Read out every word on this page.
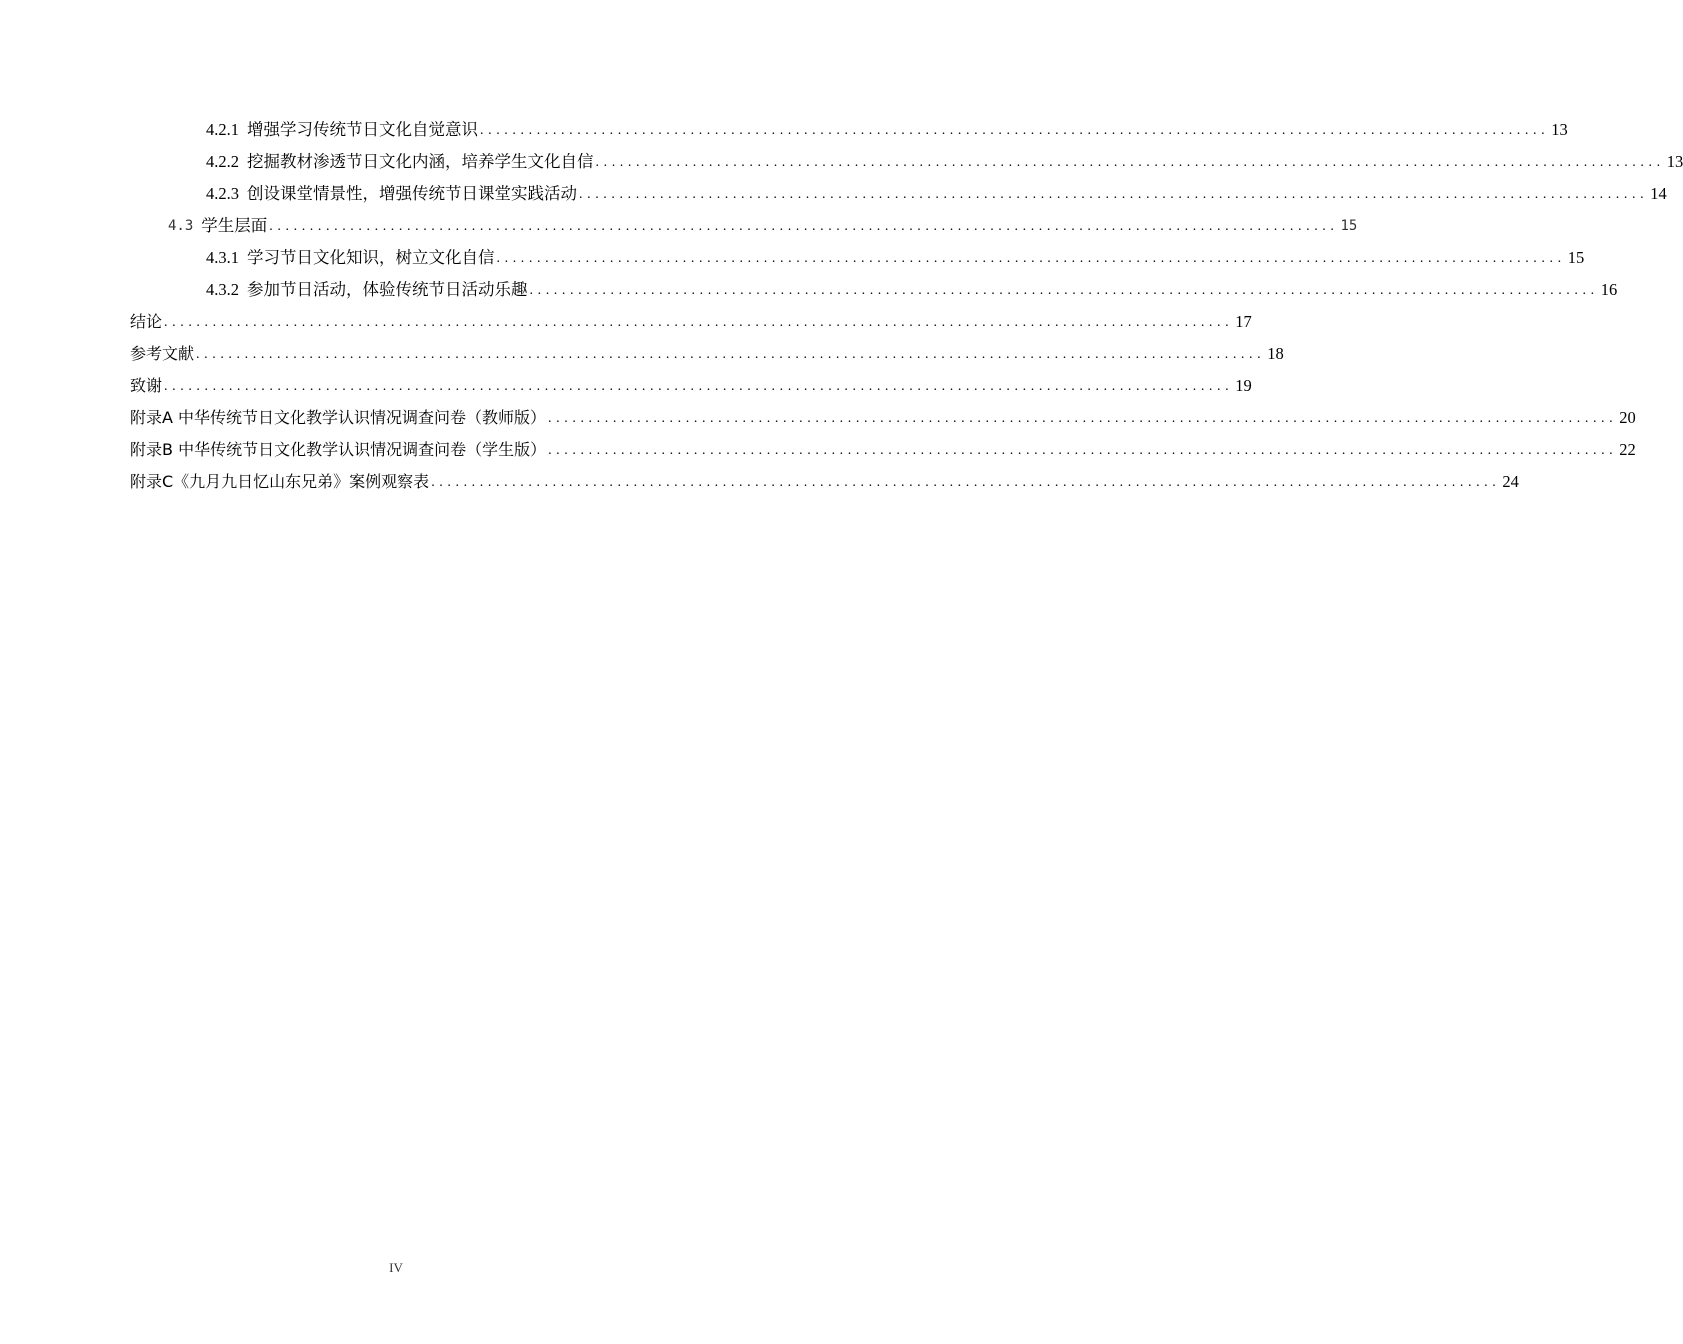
4.2.1 增强学习传统节日文化自觉意识 .................................................................................................................................... 13
4.2.2 挖掘教材渗透节日文化内涵，培养学生文化自信 .................................................................................................................................... 13
4.2.3 创设课堂情景性，增强传统节日课堂实践活动 .................................................................................................................................... 14
4.3 学生层面 .................................................................................................................................... 15
4.3.1 学习节日文化知识，树立文化自信 .................................................................................................................................... 15
4.3.2 参加节日活动，体验传统节日活动乐趣 .................................................................................................................................... 16
结论 .................................................................................................................................... 17
参考文献 .................................................................................................................................... 18
致谢 .................................................................................................................................... 19
附录A 中华传统节日文化教学认识情况调查问卷（教师版） .................................................................................................................................... 20
附录B 中华传统节日文化教学认识情况调查问卷（学生版） .................................................................................................................................... 22
附录C《九月九日忆山东兄弟》案例观察表 .................................................................................................................................... 24
IV
